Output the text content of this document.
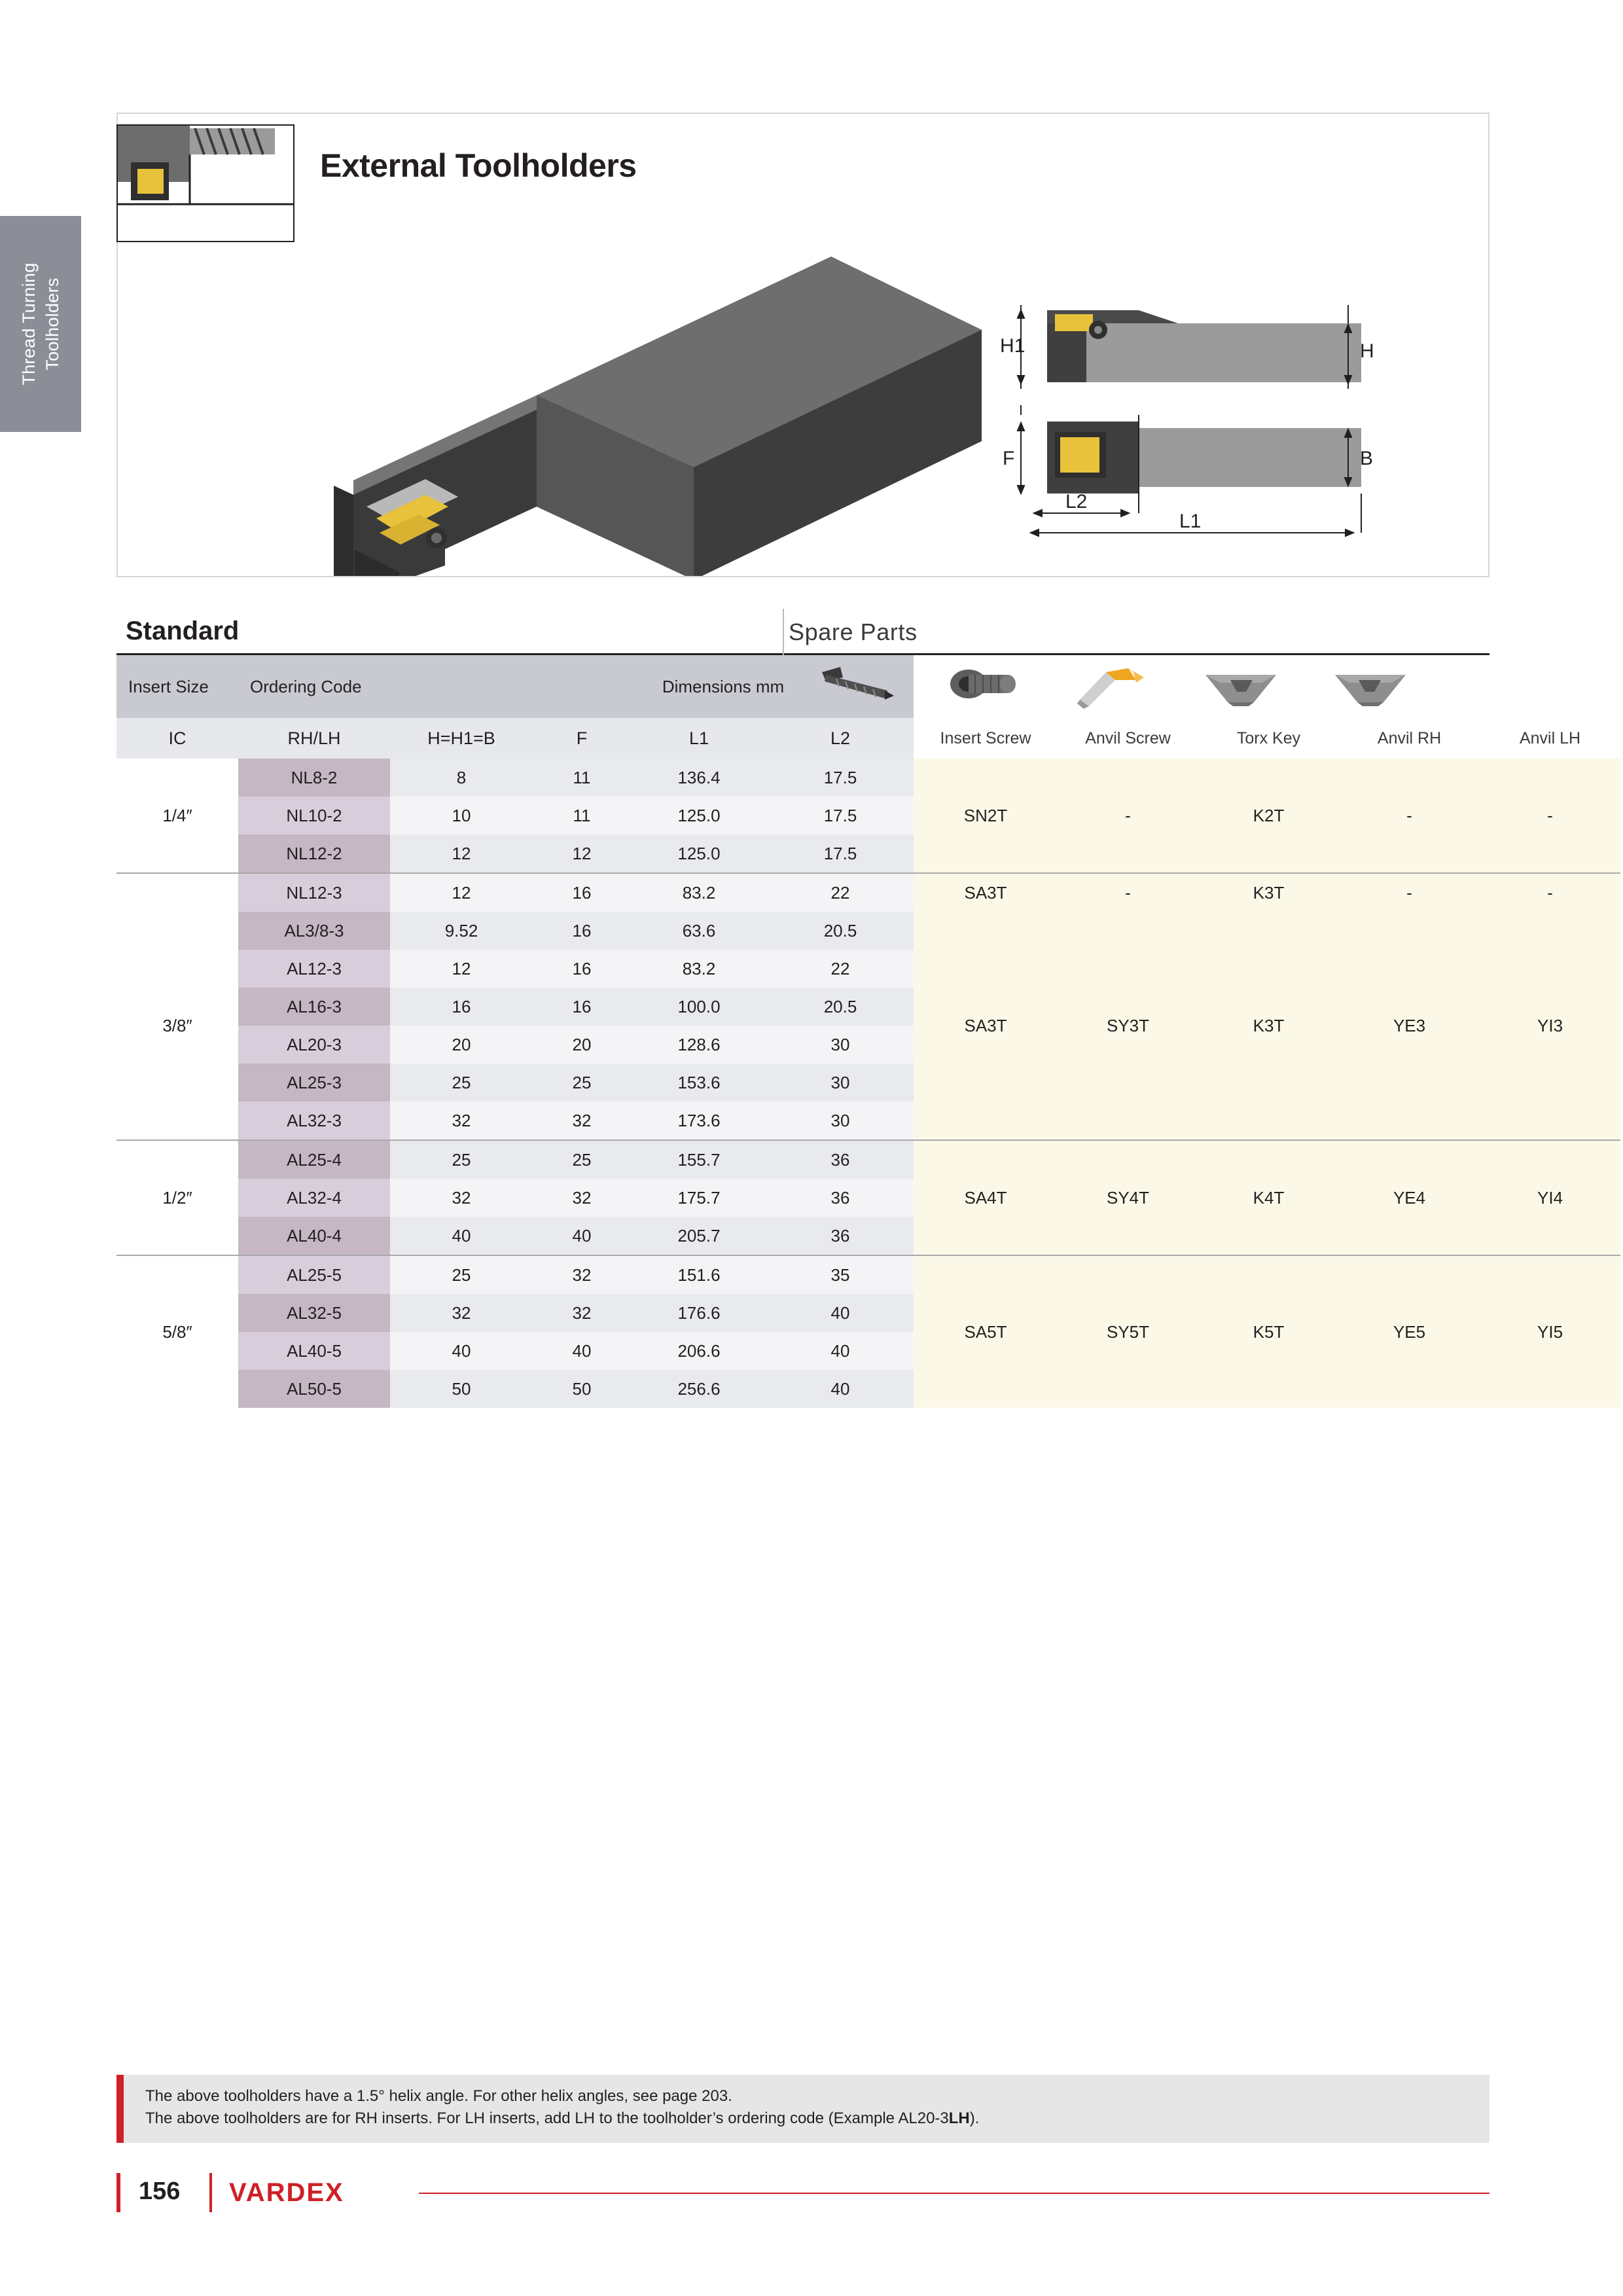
Thread Turning Toolholders	H1	H
F	B
L2
L1
External Toolholders
Standard	Spare Parts
Insert Size	Ordering Code		Dimensions mm							
IC	RH/LH	H=H1=B	F	L1	L2	Insert Screw	Anvil Screw	Torx Key	Anvil RH	Anvil LH
1/4″	NL8-2	8	11	136.4	17.5	SN2T	-	K2T	-	-
	NL10-2	10	11	125.0	17.5					
	NL12-2	12	12	125.0	17.5					
	NL12-3	12	16	83.2	22	SA3T	-	K3T	-	-
3/8″	AL3/8-3	9.52	16	63.6	20.5	SA3T	SY3T	K3T	YE3	YI3
	AL12-3	12	16	83.2	22					
	AL16-3	16	16	100.0	20.5					
	AL20-3	20	20	128.6	30					
	AL25-3	25	25	153.6	30					
	AL32-3	32	32	173.6	30					
1/2″	AL25-4	25	25	155.7	36	SA4T	SY4T	K4T	YE4	YI4
	AL32-4	32	32	175.7	36					
	AL40-4	40	40	205.7	36					
5/8″	AL25-5	25	32	151.6	35	SA5T	SY5T	K5T	YE5	YI5
	AL32-5	32	32	176.6	40					
	AL40-5	40	40	206.6	40					
	AL50-5	50	50	256.6	40					

The above toolholders have a 1.5° helix angle. For other helix angles, see page 203.

The above toolholders are for RH inserts. For LH inserts, add LH to the toolholder’s ordering code (Example AL20-3LH).

156 VARDEX
